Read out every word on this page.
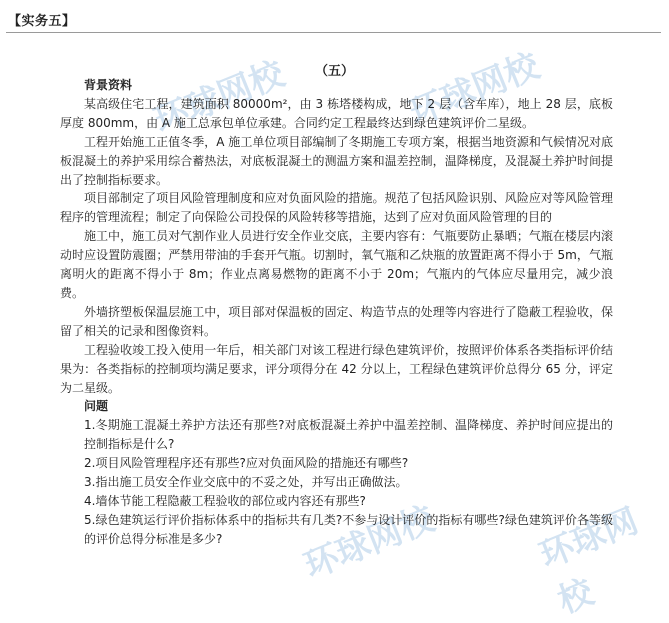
【实务五】
环球网校	环球网校
环球网校	环球网校
（五）

背景资料

某高级住宅工程，建筑面积 80000m²，由 3 栋塔楼构成，地下 2 层（含车库），地上 28 层，底板厚度 800mm，由 A 施工总承包单位承建。合同约定工程最终达到绿色建筑评价二星级。

工程开始施工正值冬季，A 施工单位项目部编制了冬期施工专项方案，根据当地资源和气候情况对底板混凝土的养护采用综合蓄热法，对底板混凝土的测温方案和温差控制，温降梯度，及混凝土养护时间提出了控制指标要求。

项目部制定了项目风险管理制度和应对负面风险的措施。规范了包括风险识别、风险应对等风险管理程序的管理流程；制定了向保险公司投保的风险转移等措施，达到了应对负面风险管理的目的

施工中，施工员对气割作业人员进行安全作业交底，主要内容有：气瓶要防止暴晒；气瓶在楼层内滚动时应设置防震圈；严禁用带油的手套开气瓶。切割时，氧气瓶和乙炔瓶的放置距离不得小于 5m，气瓶离明火的距离不得小于 8m；作业点离易燃物的距离不小于 20m；气瓶内的气体应尽量用完，减少浪费。

外墙挤塑板保温层施工中，项目部对保温板的固定、构造节点的处理等内容进行了隐蔽工程验收，保留了相关的记录和图像资料。

工程验收竣工投入使用一年后，相关部门对该工程进行绿色建筑评价，按照评价体系各类指标评价结果为：各类指标的控制项均满足要求，评分项得分在 42 分以上，工程绿色建筑评价总得分 65 分，评定为二星级。

问题

1.冬期施工混凝土养护方法还有那些?对底板混凝土养护中温差控制、温降梯度、养护时间应提出的控制指标是什么?

2.项目风险管理程序还有那些?应对负面风险的措施还有哪些?

3.指出施工员安全作业交底中的不妥之处，并写出正确做法。

4.墙体节能工程隐蔽工程验收的部位或内容还有那些?

5.绿色建筑运行评价指标体系中的指标共有几类?不参与设计评价的指标有哪些?绿色建筑评价各等级的评价总得分标准是多少?
